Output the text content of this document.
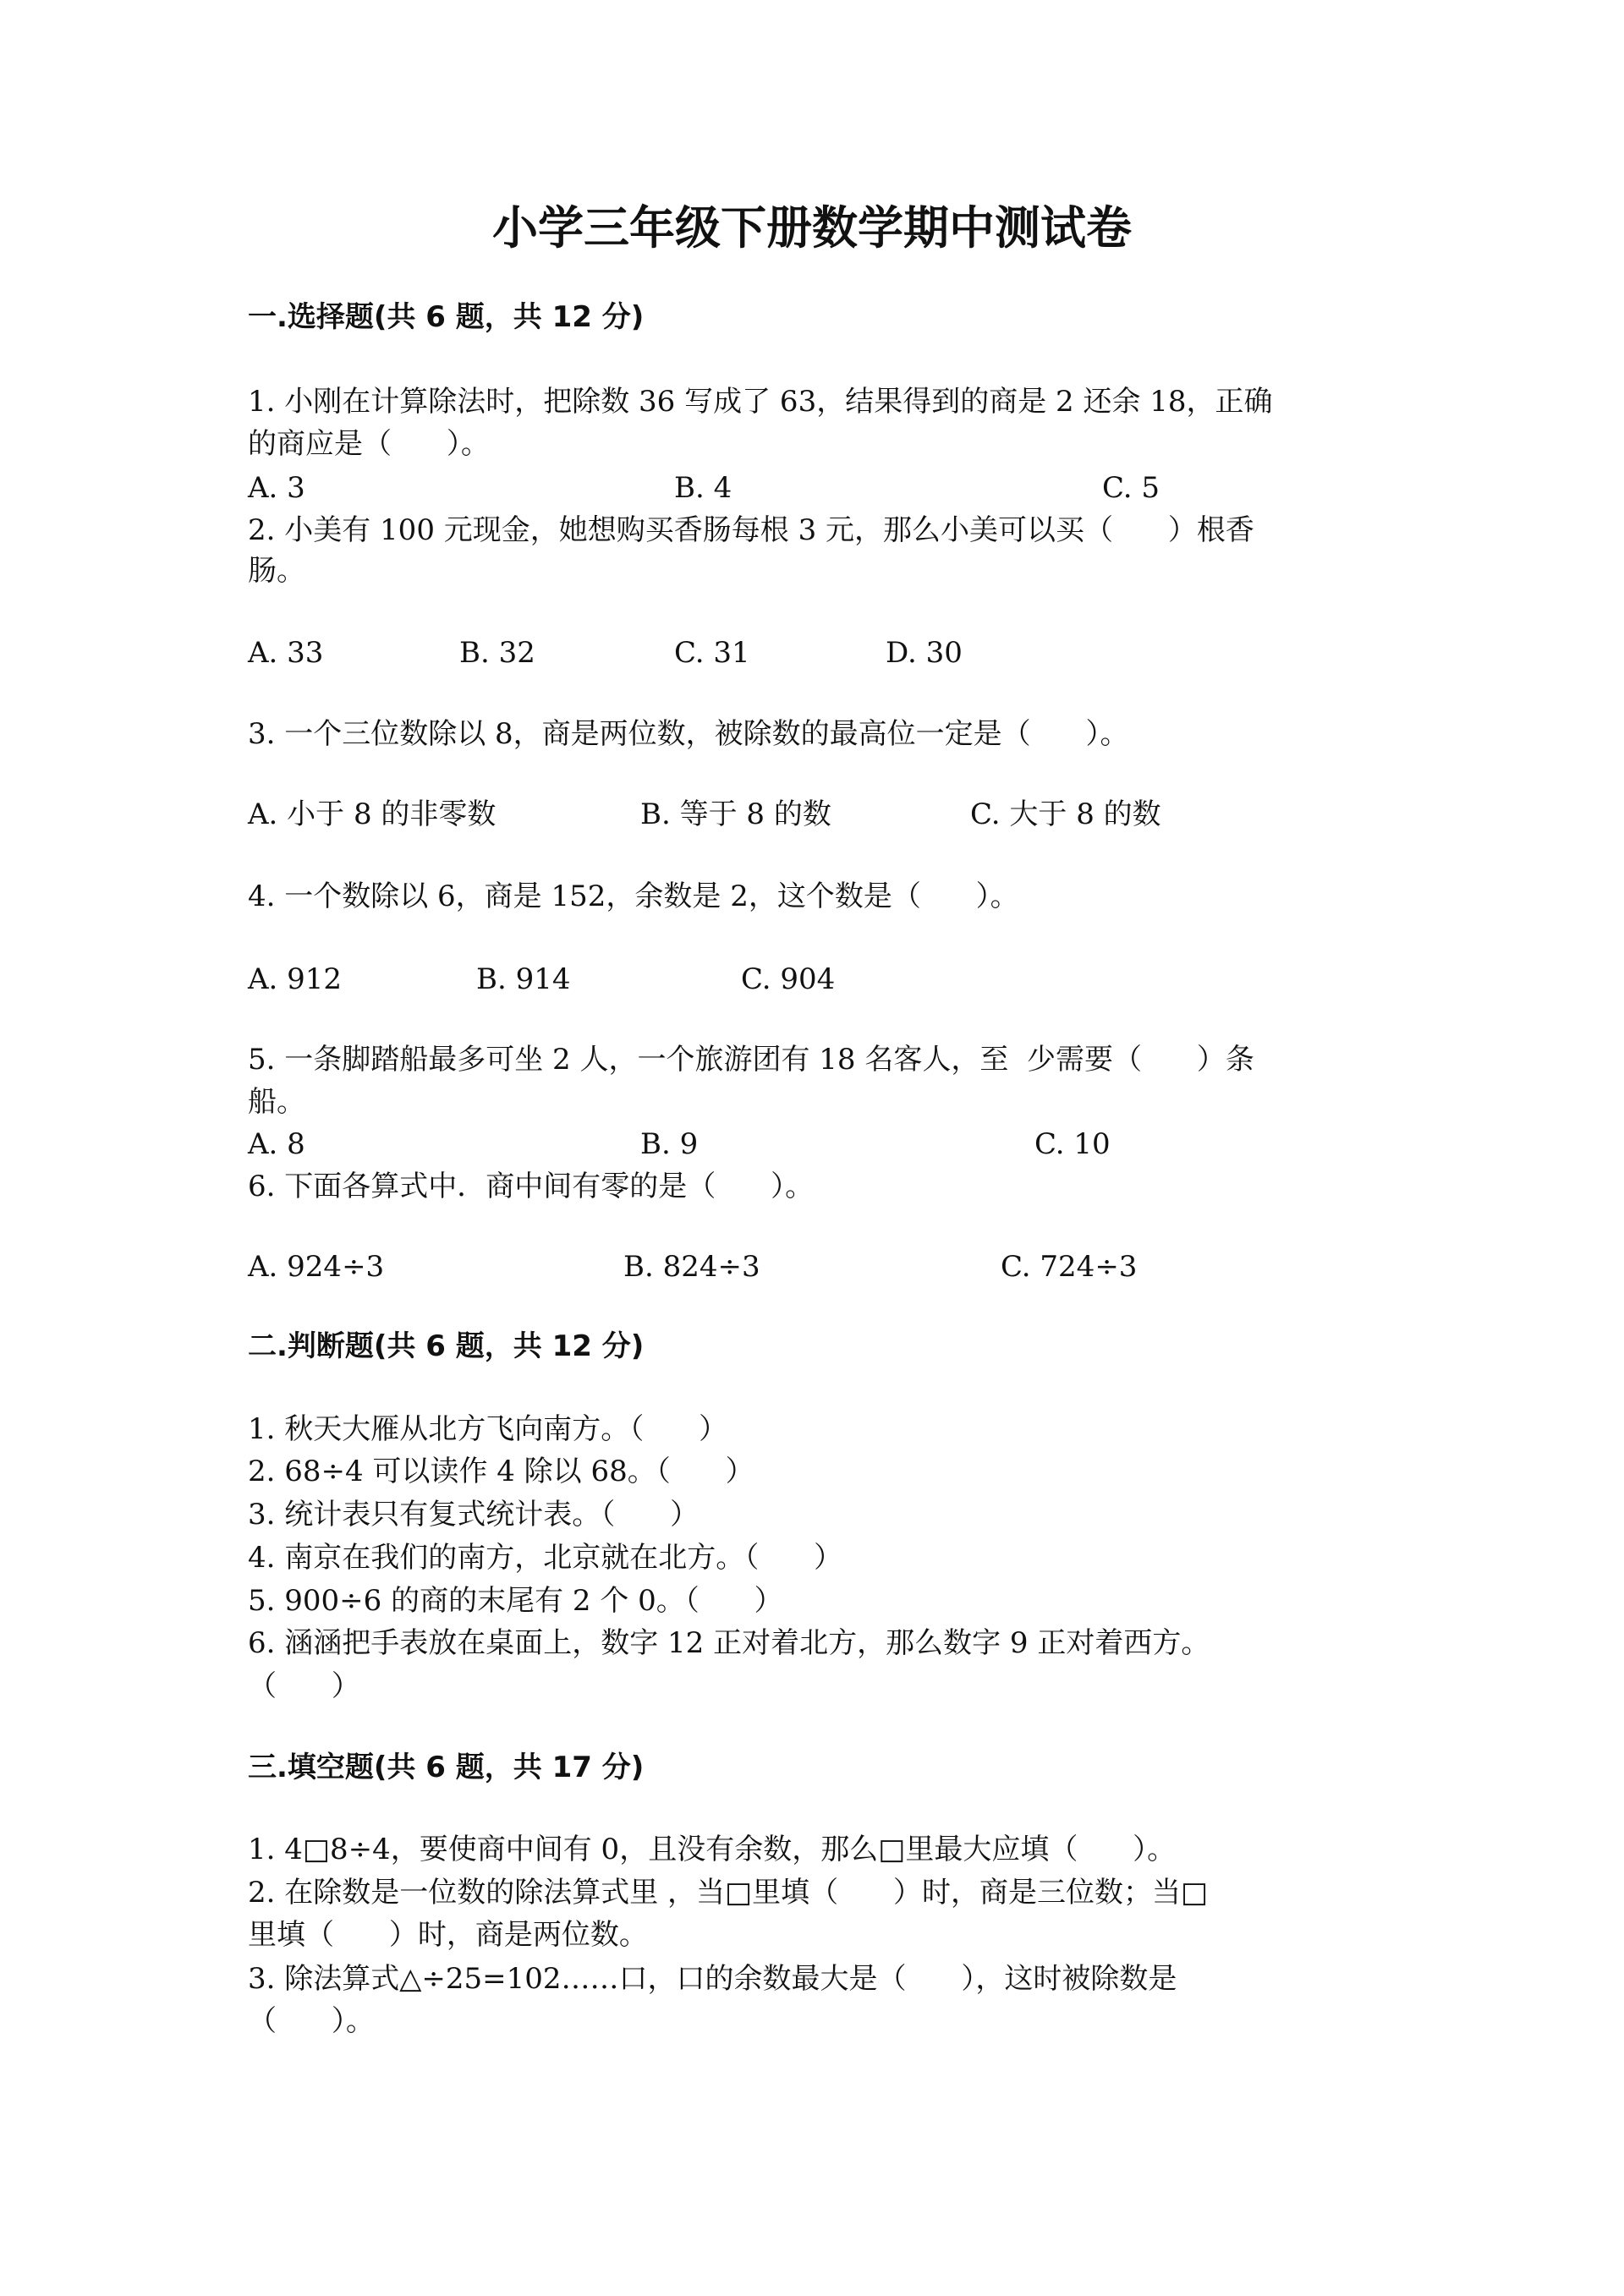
小学三年级下册数学期中测试卷
一.选择题(共 6 题，共 12 分)
1. 小刚在计算除法时，把除数 36 写成了 63，结果得到的商是 2 还余 18，正确
的商应是（      ）。
A. 3	B. 4	C. 5
2. 小美有 100 元现金，她想购买香肠每根 3 元，那么小美可以买（      ）根香
肠。
A. 33	B. 32	C. 31	D. 30
3. 一个三位数除以 8，商是两位数，被除数的最高位一定是（      ）。
A. 小于 8 的非零数	B. 等于 8 的数	C. 大于 8 的数
4. 一个数除以 6，商是 152，余数是 2，这个数是（      ）。
A. 912	B. 914	C. 904
5. 一条脚踏船最多可坐 2 人，一个旅游团有 18 名客人，至  少需要（      ）条
船。
A. 8	B. 9	C. 10
6. 下面各算式中．商中间有零的是（      ）。
A. 924÷3	B. 824÷3	C. 724÷3
二.判断题(共 6 题，共 12 分)
1. 秋天大雁从北方飞向南方。（      ）
2. 68÷4 可以读作 4 除以 68。（      ）
3. 统计表只有复式统计表。（      ）
4. 南京在我们的南方，北京就在北方。（      ）
5. 900÷6 的商的末尾有 2 个 0。（      ）
6. 涵涵把手表放在桌面上，数字 12 正对着北方，那么数字 9 正对着西方。
（      ）
三.填空题(共 6 题，共 17 分)
1. 4□8÷4，要使商中间有 0，且没有余数，那么□里最大应填（      ）。
2. 在除数是一位数的除法算式里 ，当□里填（      ）时，商是三位数；当□
里填（      ）时，商是两位数。
3. 除法算式△÷25=102……口，口的余数最大是（      ），这时被除数是
（      ）。
